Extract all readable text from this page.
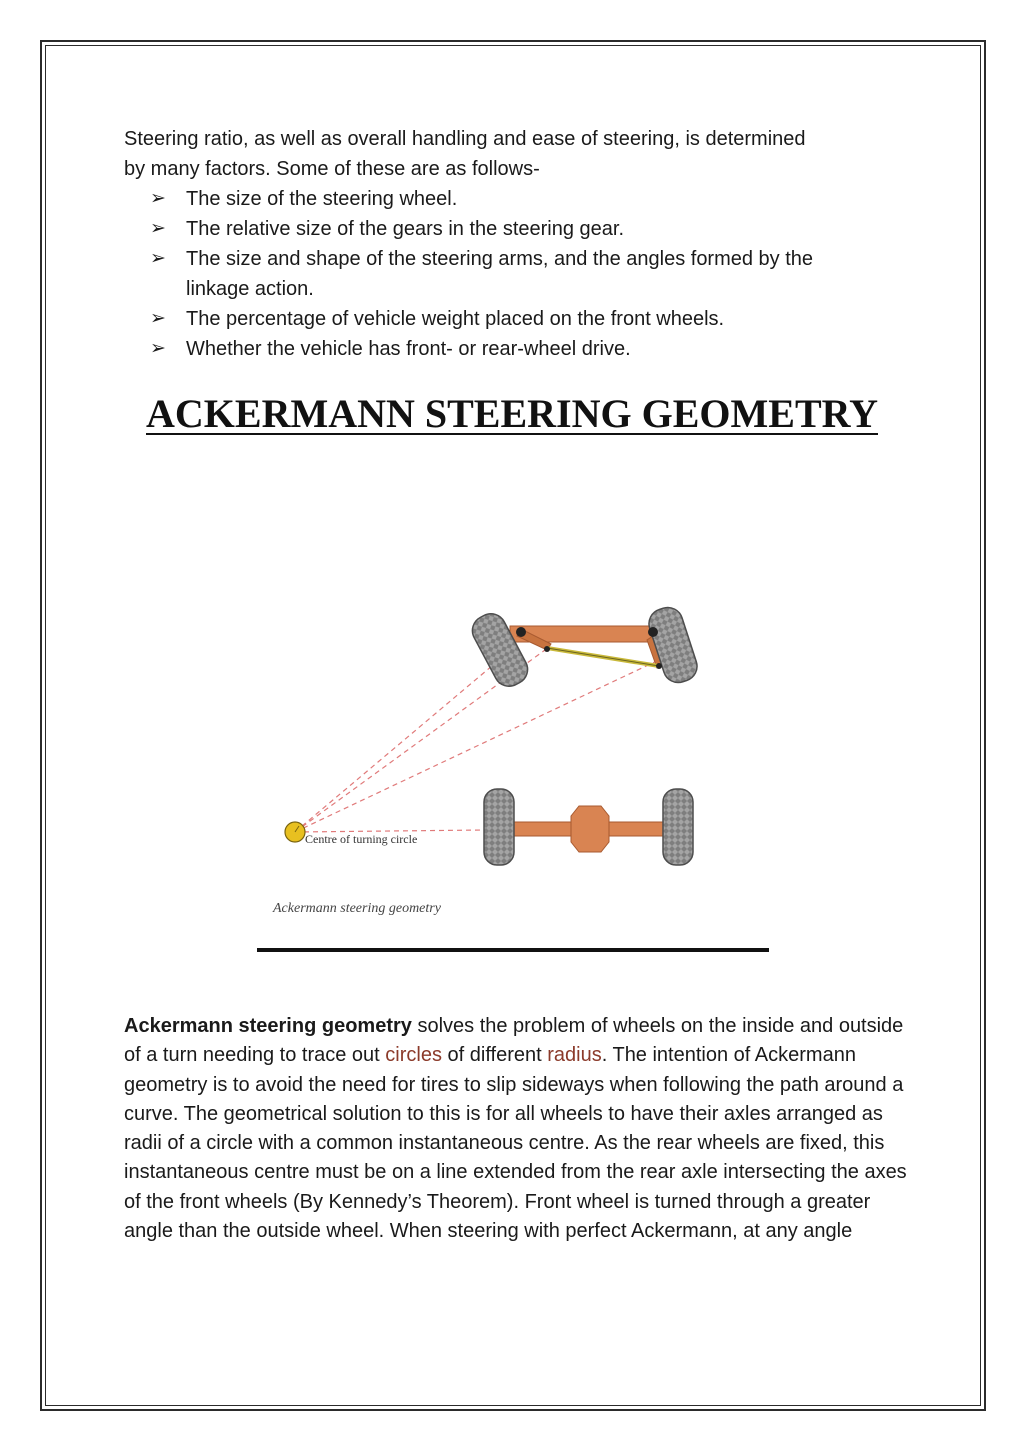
Steering ratio, as well as overall handling and ease of steering, is determined
by many factors. Some of these are as follows-

➢ The size of the steering wheel.
➢ The relative size of the gears in the steering gear.
➢ The size and shape of the steering arms, and the angles formed by the
linkage action.
➢ The percentage of vehicle weight placed on the front wheels.
➢ Whether the vehicle has front- or rear-wheel drive.
ACKERMANN STEERING GEOMETRY
Centre of turning circle
Ackermann steering geometry

Ackermann steering geometry solves the problem of wheels on the inside and outside of a turn needing to trace out circles of different radius. The intention of Ackermann geometry is to avoid the need for tires to slip sideways when following the path around a curve. The geometrical solution to this is for all wheels to have their axles arranged as radii of a circle with a common instantaneous centre. As the rear wheels are fixed, this instantaneous centre must be on a line extended from the rear axle intersecting the axes of the front wheels (By Kennedy’s Theorem). Front wheel is turned through a greater angle than the outside wheel. When steering with perfect Ackermann, at any angle
